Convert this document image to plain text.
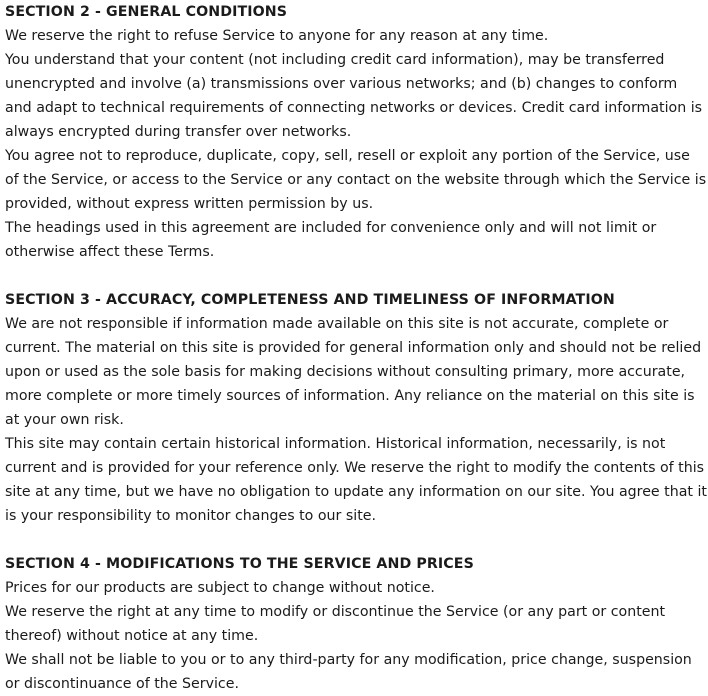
SECTION 2 - GENERAL CONDITIONS

We reserve the right to refuse Service to anyone for any reason at any time.

You understand that your content (not including credit card information), may be transferred unencrypted and involve (a) transmissions over various networks; and (b) changes to conform and adapt to technical requirements of connecting networks or devices. Credit card information is always encrypted during transfer over networks.

You agree not to reproduce, duplicate, copy, sell, resell or exploit any portion of the Service, use of the Service, or access to the Service or any contact on the website through which the Service is provided, without express written permission by us.

The headings used in this agreement are included for convenience only and will not limit or otherwise affect these Terms.

SECTION 3 - ACCURACY, COMPLETENESS AND TIMELINESS OF INFORMATION

We are not responsible if information made available on this site is not accurate, complete or current. The material on this site is provided for general information only and should not be relied upon or used as the sole basis for making decisions without consulting primary, more accurate, more complete or more timely sources of information. Any reliance on the material on this site is at your own risk.

This site may contain certain historical information. Historical information, necessarily, is not current and is provided for your reference only. We reserve the right to modify the contents of this site at any time, but we have no obligation to update any information on our site. You agree that it is your responsibility to monitor changes to our site.

SECTION 4 - MODIFICATIONS TO THE SERVICE AND PRICES

Prices for our products are subject to change without notice.

We reserve the right at any time to modify or discontinue the Service (or any part or content thereof) without notice at any time.

We shall not be liable to you or to any third-party for any modification, price change, suspension or discontinuance of the Service.
